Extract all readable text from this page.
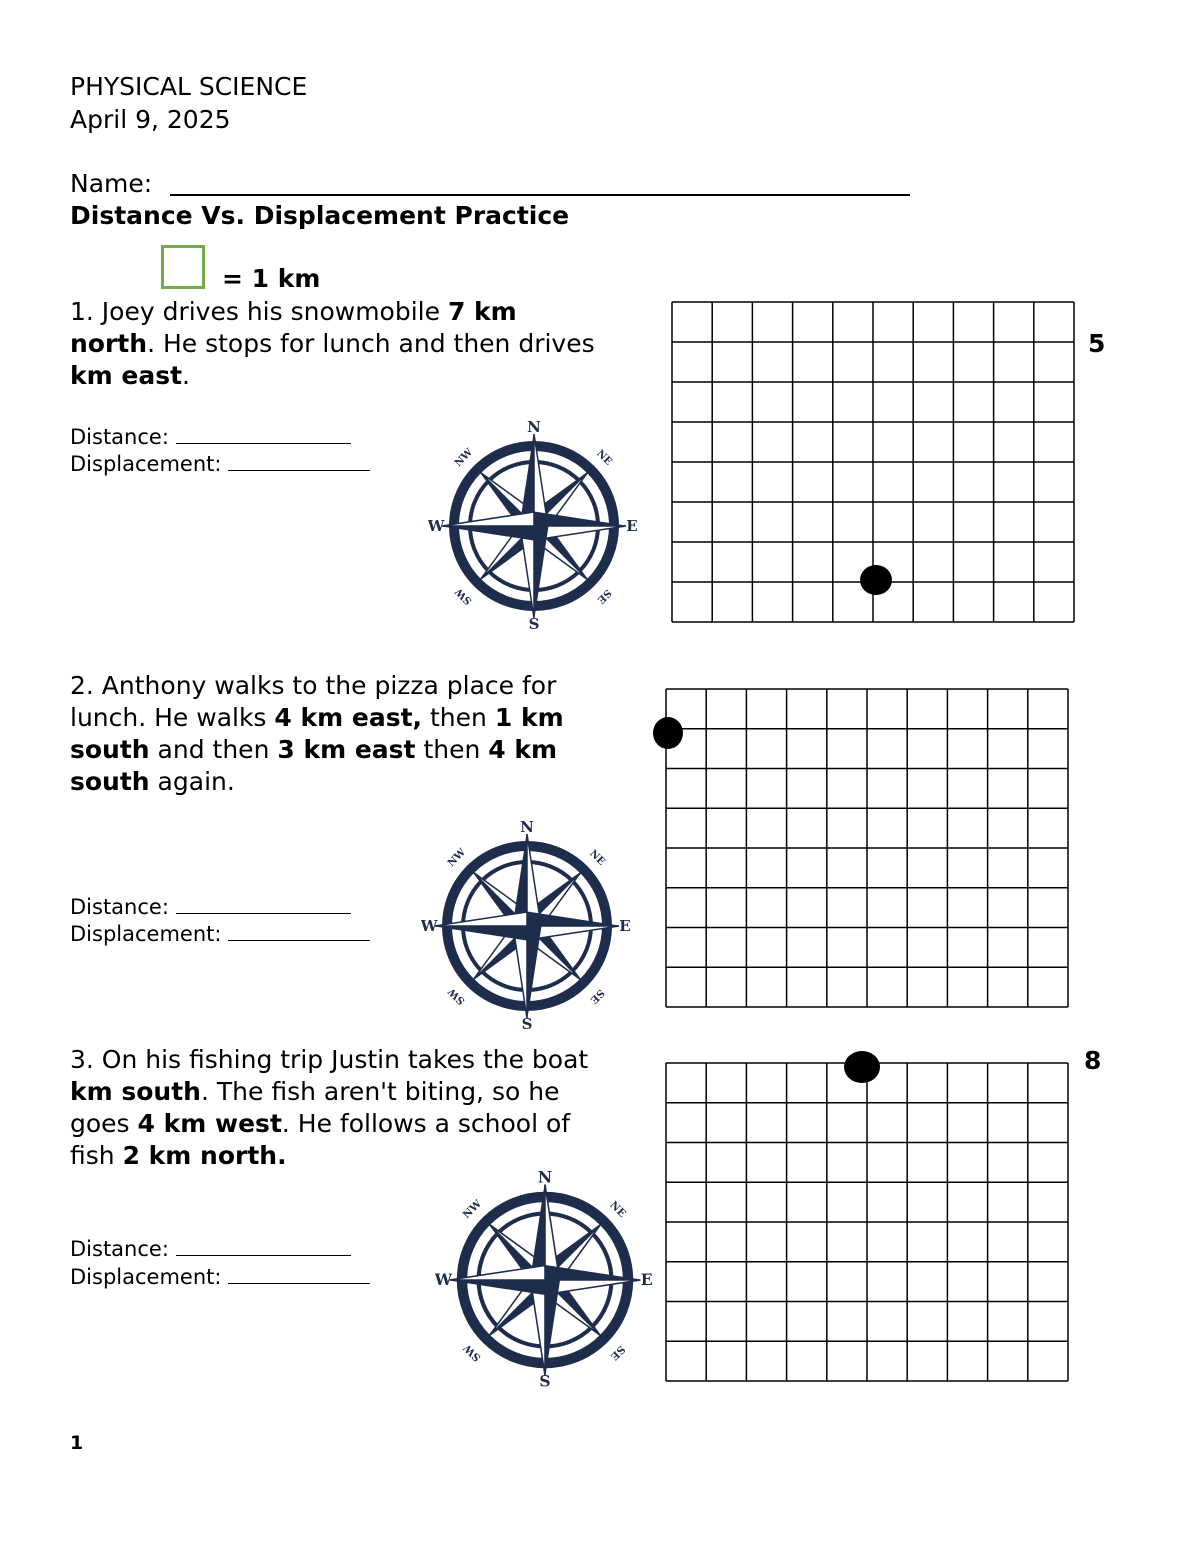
PHYSICAL SCIENCE
April 9, 2025
Name:
Distance Vs. Displacement Practice
= 1 km
1. Joey drives his snowmobile 7 km
north. He stops for lunch and then drives
km east.
5
Distance:
Displacement:
2. Anthony walks to the pizza place for
lunch. He walks 4 km east, then 1 km
south and then 3 km east then 4 km
south again.
Distance:
Displacement:
3. On his fishing trip Justin takes the boat
km south. The fish aren't biting, so he
goes 4 km west. He follows a school of
fish 2 km north.
8
Distance:
Displacement:
N
S
E
W
NE
NW
SE
SW
N
S
E
W
NE
NW
SE
SW
N
S
E
W
NE
NW
SE
SW
1
